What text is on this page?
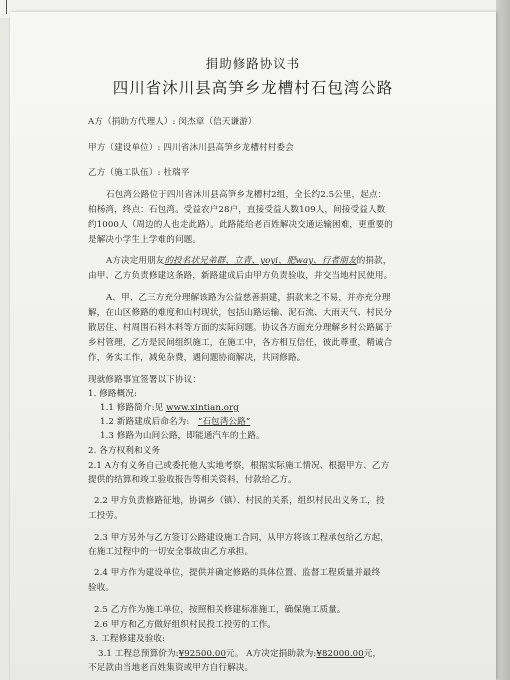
捐助修路协议书
四川省沐川县高笋乡龙槽村石包湾公路
A方（捐助方代理人）: 闵杰章（信天谦游）
甲方（建设单位）: 四川省沐川县高笋乡龙槽村村委会
乙方（施工队伍）: 杜瑞平
石包湾公路位于四川省沐川县高笋乡龙槽村2组，全长约2.5公里，起点：
柏杨湾，终点：石包湾。受益农户28户，直接受益人数109人，间接受益人数
约1000人（周边的人也走此路）。此路能给老百姓解决交通运输困难，更重要的
是解决小学生上学难的问题。
A方决定用朋友的投名状兄弟群、立青、yoyi、肥way、行者朋友的捐款，
由甲、乙方负责修建这条路，新路建成后由甲方负责验收，并交当地村民使用。
A、甲、乙三方充分理解该路为公益慈善捐建，捐款来之不易，并亦充分理
解，在山区修路的难度和山村现状，包括山路运输、泥石流、大雨天气、村民分
散居住、村周围石料木料等方面的实际问题。协议各方面充分理解乡村公路属于
乡村管理，乙方是民间组织施工，在施工中，各方相互信任，彼此尊重，精诚合
作，务实工作，减免杂费，遇问题协商解决，共同修路。
现就修路事宜签署以下协议：
1. 修路概况:
1.1 修路简介:见 www.xintian.org
1.2 新路建成后命名为: “石包湾公路”
1.3 修路为山间公路，即能通汽车的土路。
2. 各方权利和义务
2.1 A方有义务自己或委托他人实地考察，根据实际施工情况、根据甲方、乙方
提供的结算和竣工验收报告等相关资料，付款给乙方。
2.2 甲方负责修路征地，协调乡（镇）、村民的关系，组织村民出义务工，投
工投劳。
2.3 甲方另外与乙方签订公路建设施工合同，从甲方将该工程承包给乙方起，
在施工过程中的一切安全事故由乙方承担。
2.4 甲方作为建设单位，提供并确定修路的具体位置、监督工程质量并最终
验收。
2.5 乙方作为施工单位，按照相关修建标准施工，确保施工质量。
2.6 甲方和乙方做好组织村民投工投劳的工作。
3. 工程修建及验收:
3.1 工程总预算价为:¥92500.00元。 A方决定捐助款为:¥82000.00元，
不足款由当地老百姓集资或甲方自行解决。
